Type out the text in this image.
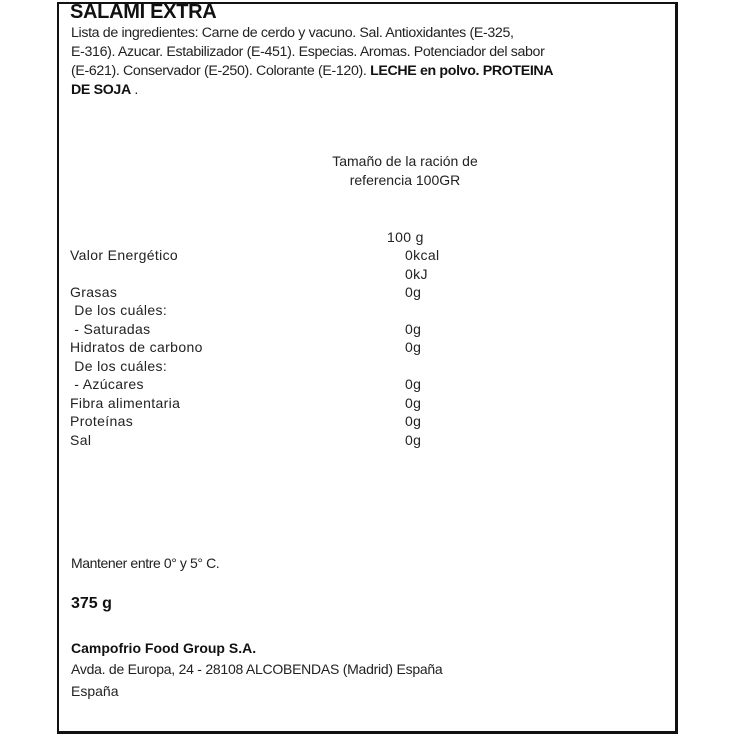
SALAMI EXTRA
Lista de ingredientes: Carne de cerdo y vacuno. Sal. Antioxidantes (E-325,
E-316). Azucar. Estabilizador (E-451). Especias. Aromas. Potenciador del sabor
(E-621). Conservador (E-250). Colorante (E-120). LECHE en polvo. PROTEINA
DE SOJA .
Tamaño de la ración de
referencia 100GR
100 g
Valor Energético	0kcal
0kJ
Grasas	0g
De los cuáles:
- Saturadas	0g
Hidratos de carbono	0g
De los cuáles:
- Azúcares	0g
Fibra alimentaria	0g
Proteínas	0g
Sal	0g
Mantener entre 0° y 5° C.
375 g
Campofrio Food Group S.A.
Avda. de Europa, 24 - 28108 ALCOBENDAS (Madrid) España
España
